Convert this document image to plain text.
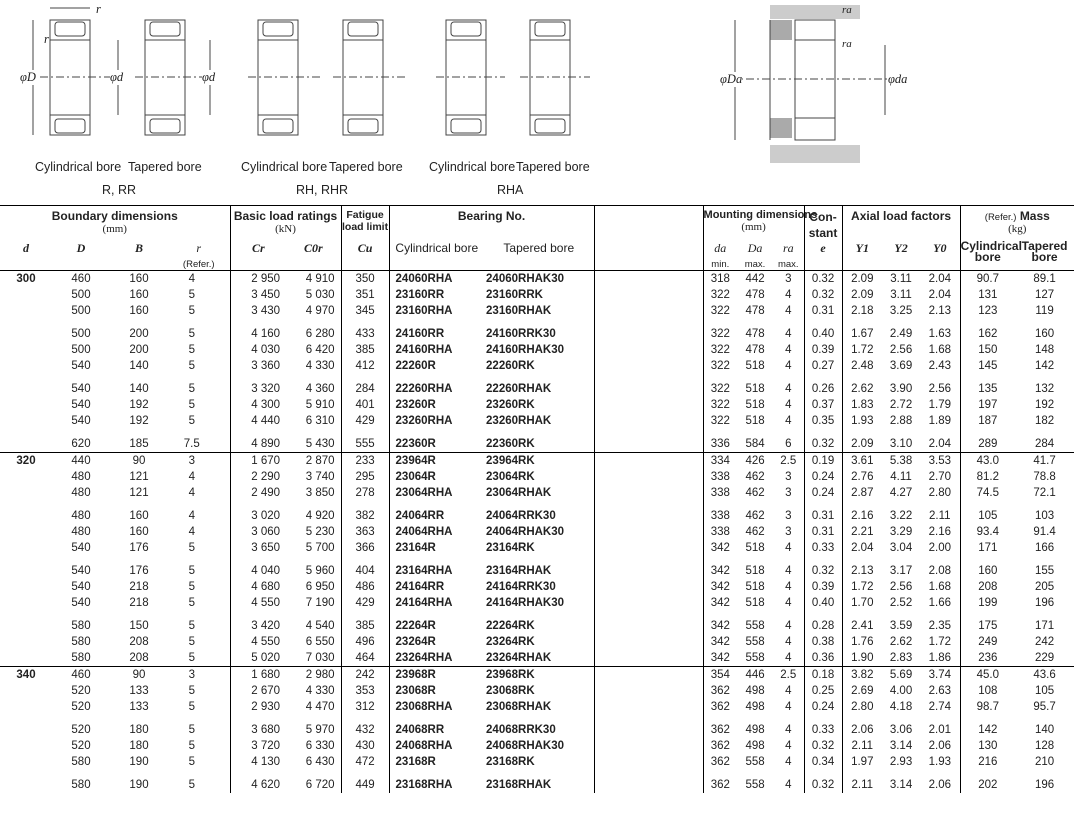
r
r
φD	φd	φd	φDa	φda
ra
ra
Cylindrical bore Tapered bore
R, RR
Cylindrical bore Tapered bore
RH, RHR
Cylindrical bore Tapered bore
RHA
Boundary dimensions
(mm)				Basic load ratings
(kN)		Fatigue load limit	Bearing No.			Mounting dimensions
(mm)			Con- stant	Axial load factors			(Refer.) Mass
(kg)	

d	D	B	r
(Refer.)	Cr	C0r	Cu	Cylindrical bore	Tapered bore		da
min.	Da
max.	ra
max.	e	Y1	Y2	Y0	Cylindrical bore	Tapered bore
300	460	160	4	2 950	4 910	350	24060RHA	24060RHAK30		318	442	3	0.32	2.09	3.11	2.04	90.7	89.1
	500	160	5	3 450	5 030	351	23160RR	23160RRK		322	478	4	0.32	2.09	3.11	2.04	131	127
	500	160	5	3 430	4 970	345	23160RHA	23160RHAK		322	478	4	0.31	2.18	3.25	2.13	123	119

	500	200	5	4 160	6 280	433	24160RR	24160RRK30		322	478	4	0.40	1.67	2.49	1.63	162	160
	500	200	5	4 030	6 420	385	24160RHA	24160RHAK30		322	478	4	0.39	1.72	2.56	1.68	150	148
	540	140	5	3 360	4 330	412	22260R	22260RK		322	518	4	0.27	2.48	3.69	2.43	145	142

	540	140	5	3 320	4 360	284	22260RHA	22260RHAK		322	518	4	0.26	2.62	3.90	2.56	135	132
	540	192	5	4 300	5 910	401	23260R	23260RK		322	518	4	0.37	1.83	2.72	1.79	197	192
	540	192	5	4 440	6 310	429	23260RHA	23260RHAK		322	518	4	0.35	1.93	2.88	1.89	187	182

	620	185	7.5	4 890	5 430	555	22360R	22360RK		336	584	6	0.32	2.09	3.10	2.04	289	284
320	440	90	3	1 670	2 870	233	23964R	23964RK		334	426	2.5	0.19	3.61	5.38	3.53	43.0	41.7
	480	121	4	2 290	3 740	295	23064R	23064RK		338	462	3	0.24	2.76	4.11	2.70	81.2	78.8
	480	121	4	2 490	3 850	278	23064RHA	23064RHAK		338	462	3	0.24	2.87	4.27	2.80	74.5	72.1

	480	160	4	3 020	4 920	382	24064RR	24064RRK30		338	462	3	0.31	2.16	3.22	2.11	105	103
	480	160	4	3 060	5 230	363	24064RHA	24064RHAK30		338	462	3	0.31	2.21	3.29	2.16	93.4	91.4
	540	176	5	3 650	5 700	366	23164R	23164RK		342	518	4	0.33	2.04	3.04	2.00	171	166

	540	176	5	4 040	5 960	404	23164RHA	23164RHAK		342	518	4	0.32	2.13	3.17	2.08	160	155
	540	218	5	4 680	6 950	486	24164RR	24164RRK30		342	518	4	0.39	1.72	2.56	1.68	208	205
	540	218	5	4 550	7 190	429	24164RHA	24164RHAK30		342	518	4	0.40	1.70	2.52	1.66	199	196

	580	150	5	3 420	4 540	385	22264R	22264RK		342	558	4	0.28	2.41	3.59	2.35	175	171
	580	208	5	4 550	6 550	496	23264R	23264RK		342	558	4	0.38	1.76	2.62	1.72	249	242
	580	208	5	5 020	7 030	464	23264RHA	23264RHAK		342	558	4	0.36	1.90	2.83	1.86	236	229
340	460	90	3	1 680	2 980	242	23968R	23968RK		354	446	2.5	0.18	3.82	5.69	3.74	45.0	43.6
	520	133	5	2 670	4 330	353	23068R	23068RK		362	498	4	0.25	2.69	4.00	2.63	108	105
	520	133	5	2 930	4 470	312	23068RHA	23068RHAK		362	498	4	0.24	2.80	4.18	2.74	98.7	95.7

	520	180	5	3 680	5 970	432	24068RR	24068RRK30		362	498	4	0.33	2.06	3.06	2.01	142	140
	520	180	5	3 720	6 330	430	24068RHA	24068RHAK30		362	498	4	0.32	2.11	3.14	2.06	130	128
	580	190	5	4 130	6 430	472	23168R	23168RK		362	558	4	0.34	1.97	2.93	1.93	216	210

	580	190	5	4 620	6 720	449	23168RHA	23168RHAK		362	558	4	0.32	2.11	3.14	2.06	202	196
